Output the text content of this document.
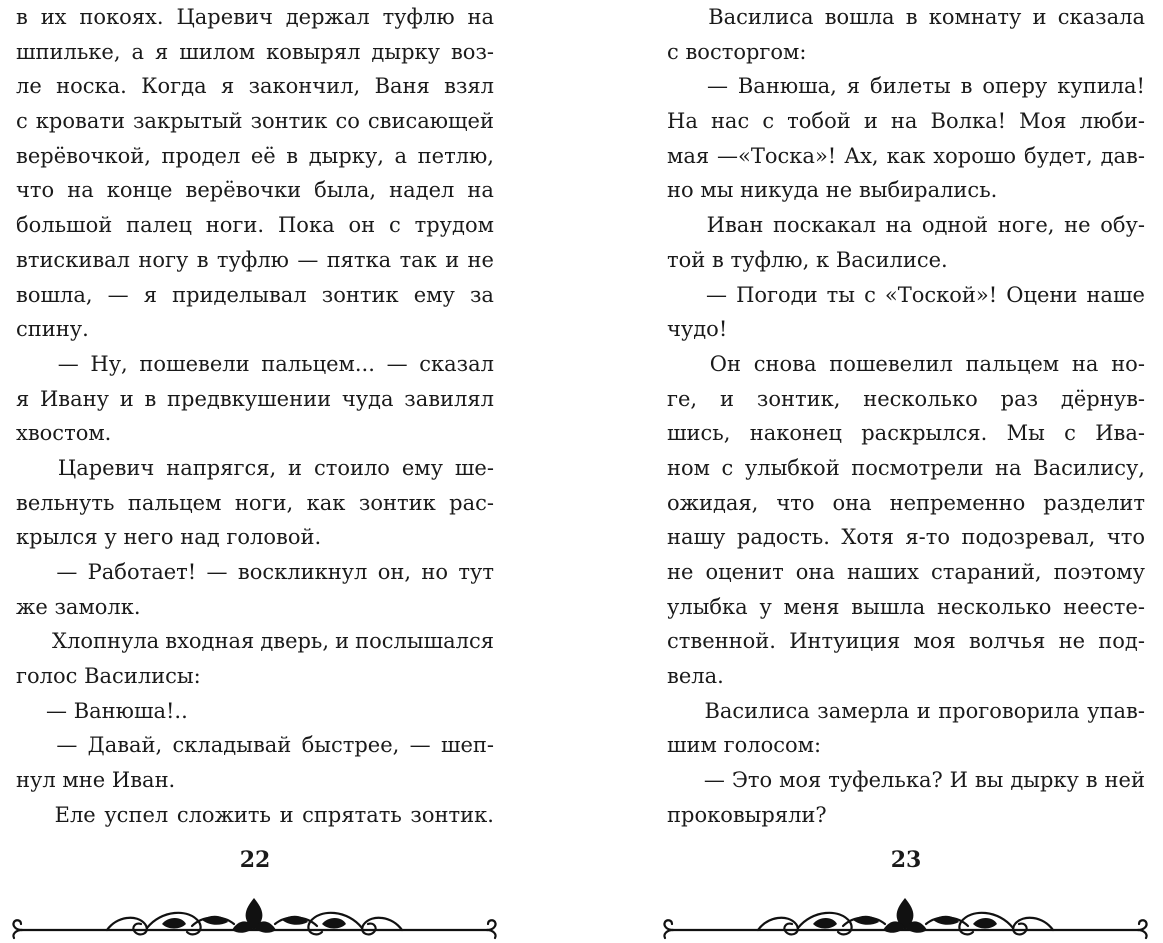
в их покоях. Царевич держал туфлю на
шпильке, а я шилом ковырял дырку воз-
ле носка. Когда я закончил, Ваня взял
с кровати закрытый зонтик со свисающей
верёвочкой, продел её в дырку, а петлю,
что на конце верёвочки была, надел на
большой палец ноги. Пока он с трудом
втискивал ногу в туфлю — пятка так и не
вошла, — я приделывал зонтик ему за
спину.
— Ну, пошевели пальцем... — сказал
я Ивану и в предвкушении чуда завилял
хвостом.
Царевич напрягся, и стоило ему ше-
вельнуть пальцем ноги, как зонтик рас-
крылся у него над головой.
— Работает! — воскликнул он, но тут
же замолк.
Хлопнула входная дверь, и послышался
голос Василисы:
— Ванюша!..
— Давай, складывай быстрее, — шеп-
нул мне Иван.
Еле успел сложить и спрятать зонтик.
22
Василиса вошла в комнату и сказала
с восторгом:
— Ванюша, я билеты в оперу купила!
На нас с тобой и на Волка! Моя люби-
мая —«Тоска»! Ах, как хорошо будет, дав-
но мы никуда не выбирались.
Иван поскакал на одной ноге, не обу-
той в туфлю, к Василисе.
— Погоди ты с «Тоской»! Оцени наше
чудо!
Он снова пошевелил пальцем на но-
ге, и зонтик, несколько раз дёрнув-
шись, наконец раскрылся. Мы с Ива-
ном с улыбкой посмотрели на Василису,
ожидая, что она непременно разделит
нашу радость. Хотя я-то подозревал, что
не оценит она наших стараний, поэтому
улыбка у меня вышла несколько неесте-
ственной. Интуиция моя волчья не под-
вела.
Василиса замерла и проговорила упав-
шим голосом:
— Это моя туфелька? И вы дырку в ней
проковыряли?
23
